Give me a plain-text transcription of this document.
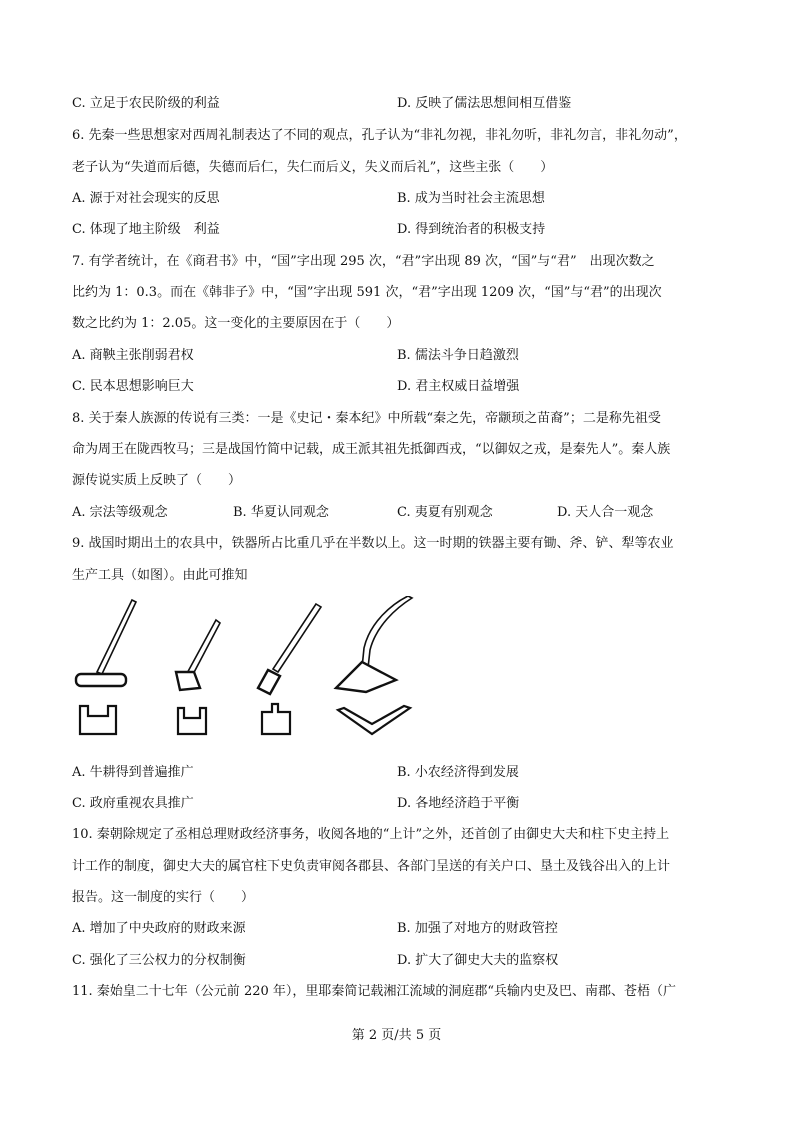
C. 立足于农民阶级的利益	D. 反映了儒法思想间相互借鉴
6. 先秦一些思想家对西周礼制表达了不同的观点，孔子认为“非礼勿视，非礼勿听，非礼勿言，非礼勿动”，
老子认为“失道而后德，失德而后仁，失仁而后义，失义而后礼”，这些主张（　　）
A. 源于对社会现实的反思	B. 成为当时社会主流思想
C. 体现了地主阶级　利益	D. 得到统治者的积极支持
7. 有学者统计，在《商君书》中，“国”字出现 295 次，“君”字出现 89 次，“国”与“君”　出现次数之
比约为 1：0.3。而在《韩非子》中，“国”字出现 591 次，“君”字出现 1209 次，“国”与“君”的出现次
数之比约为 1：2.05。这一变化的主要原因在于（　　）
A. 商鞅主张削弱君权	B. 儒法斗争日趋激烈
C. 民本思想影响巨大	D. 君主权威日益增强
8. 关于秦人族源的传说有三类：一是《史记・秦本纪》中所载“秦之先，帝颛顼之苗裔”；二是称先祖受
命为周王在陇西牧马；三是战国竹简中记载，成王派其祖先抵御西戎，“以御奴之戎，是秦先人”。秦人族
源传说实质上反映了（　　）
A. 宗法等级观念	B. 华夏认同观念	C. 夷夏有别观念	D. 天人合一观念
9. 战国时期出土的农具中，铁器所占比重几乎在半数以上。这一时期的铁器主要有锄、斧、铲、犁等农业
生产工具（如图）。由此可推知
A. 牛耕得到普遍推广	B. 小农经济得到发展
C. 政府重视农具推广	D. 各地经济趋于平衡
10. 秦朝除规定了丞相总理财政经济事务，收阅各地的“上计”之外，还首创了由御史大夫和柱下史主持上
计工作的制度，御史大夫的属官柱下史负责审阅各郡县、各部门呈送的有关户口、垦土及钱谷出入的上计
报告。这一制度的实行（　　）
A. 增加了中央政府的财政来源	B. 加强了对地方的财政管控
C. 强化了三公权力的分权制衡	D. 扩大了御史大夫的监察权
11. 秦始皇二十七年（公元前 220 年），里耶秦简记载湘江流域的洞庭郡“兵输内史及巴、南郡、苍梧（广
第 2 页/共 5 页
